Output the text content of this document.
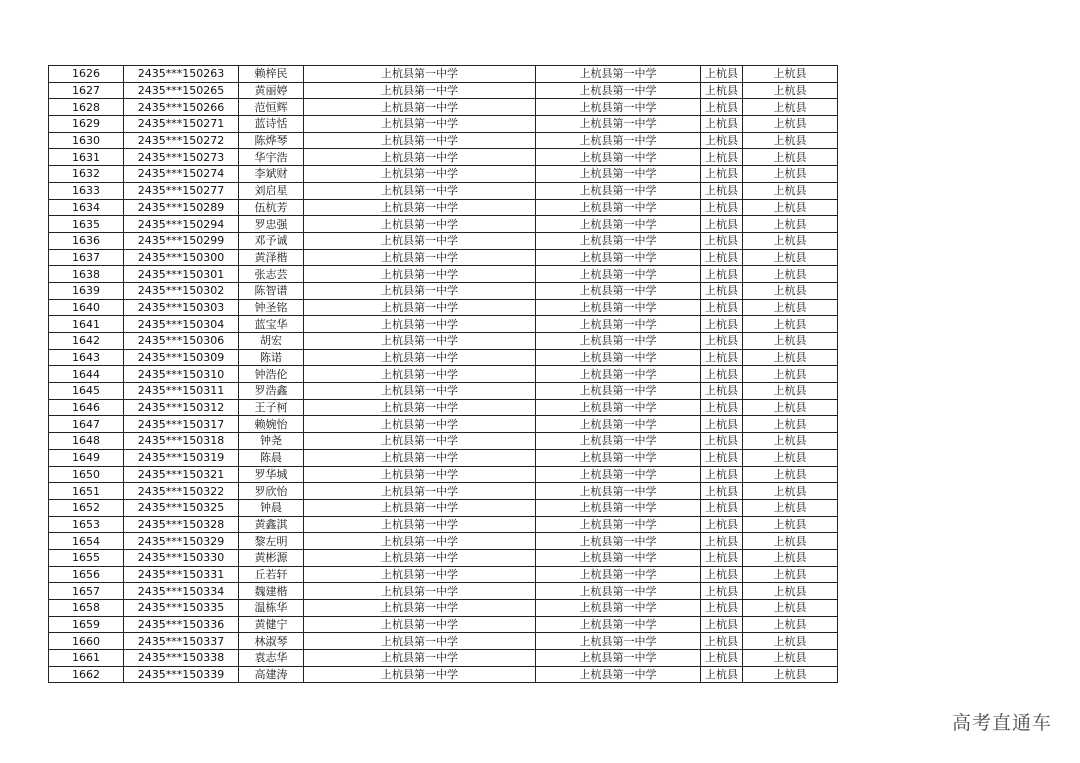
1626	2435***150263	赖梓民	上杭县第一中学	上杭县第一中学	上杭县	上杭县
1627	2435***150265	黄丽婷	上杭县第一中学	上杭县第一中学	上杭县	上杭县
1628	2435***150266	范恒辉	上杭县第一中学	上杭县第一中学	上杭县	上杭县
1629	2435***150271	蓝诗恬	上杭县第一中学	上杭县第一中学	上杭县	上杭县
1630	2435***150272	陈烨琴	上杭县第一中学	上杭县第一中学	上杭县	上杭县
1631	2435***150273	华宇浩	上杭县第一中学	上杭县第一中学	上杭县	上杭县
1632	2435***150274	李斌财	上杭县第一中学	上杭县第一中学	上杭县	上杭县
1633	2435***150277	刘启星	上杭县第一中学	上杭县第一中学	上杭县	上杭县
1634	2435***150289	伍杭芳	上杭县第一中学	上杭县第一中学	上杭县	上杭县
1635	2435***150294	罗忠强	上杭县第一中学	上杭县第一中学	上杭县	上杭县
1636	2435***150299	邓予诚	上杭县第一中学	上杭县第一中学	上杭县	上杭县
1637	2435***150300	黄泽楷	上杭县第一中学	上杭县第一中学	上杭县	上杭县
1638	2435***150301	张志芸	上杭县第一中学	上杭县第一中学	上杭县	上杭县
1639	2435***150302	陈智谱	上杭县第一中学	上杭县第一中学	上杭县	上杭县
1640	2435***150303	钟圣铭	上杭县第一中学	上杭县第一中学	上杭县	上杭县
1641	2435***150304	蓝宝华	上杭县第一中学	上杭县第一中学	上杭县	上杭县
1642	2435***150306	胡宏	上杭县第一中学	上杭县第一中学	上杭县	上杭县
1643	2435***150309	陈诺	上杭县第一中学	上杭县第一中学	上杭县	上杭县
1644	2435***150310	钟浩伦	上杭县第一中学	上杭县第一中学	上杭县	上杭县
1645	2435***150311	罗浩鑫	上杭县第一中学	上杭县第一中学	上杭县	上杭县
1646	2435***150312	王子柯	上杭县第一中学	上杭县第一中学	上杭县	上杭县
1647	2435***150317	赖婉怡	上杭县第一中学	上杭县第一中学	上杭县	上杭县
1648	2435***150318	钟尧	上杭县第一中学	上杭县第一中学	上杭县	上杭县
1649	2435***150319	陈晨	上杭县第一中学	上杭县第一中学	上杭县	上杭县
1650	2435***150321	罗华城	上杭县第一中学	上杭县第一中学	上杭县	上杭县
1651	2435***150322	罗欣怡	上杭县第一中学	上杭县第一中学	上杭县	上杭县
1652	2435***150325	钟晨	上杭县第一中学	上杭县第一中学	上杭县	上杭县
1653	2435***150328	黄鑫淇	上杭县第一中学	上杭县第一中学	上杭县	上杭县
1654	2435***150329	黎左明	上杭县第一中学	上杭县第一中学	上杭县	上杭县
1655	2435***150330	黄彬源	上杭县第一中学	上杭县第一中学	上杭县	上杭县
1656	2435***150331	丘若轩	上杭县第一中学	上杭县第一中学	上杭县	上杭县
1657	2435***150334	魏建楷	上杭县第一中学	上杭县第一中学	上杭县	上杭县
1658	2435***150335	温栋华	上杭县第一中学	上杭县第一中学	上杭县	上杭县
1659	2435***150336	黄健宁	上杭县第一中学	上杭县第一中学	上杭县	上杭县
1660	2435***150337	林淑琴	上杭县第一中学	上杭县第一中学	上杭县	上杭县
1661	2435***150338	袁志华	上杭县第一中学	上杭县第一中学	上杭县	上杭县
1662	2435***150339	高建涛	上杭县第一中学	上杭县第一中学	上杭县	上杭县
高考直通车
